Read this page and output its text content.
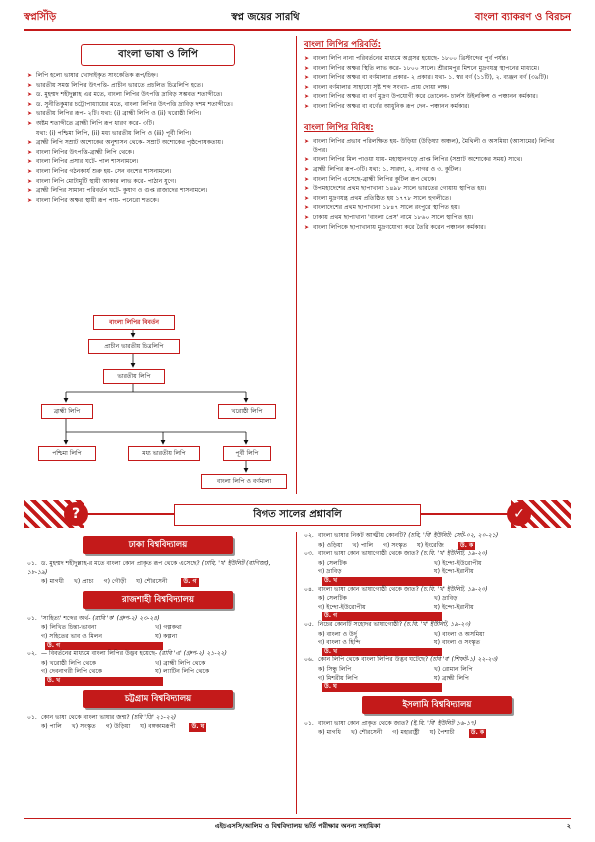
স্বপ্নসিঁড়ি	স্বপ্ন জয়ের সারথি	বাংলা ব্যাকরণ ও বিরচন
বাংলা ভাষা ও লিপি
➤ লিপি হলো ভাষার খোদাইকৃত সাংকেতিক রূপ/চিহ্ন।
➤ ভারতীয় সমস্ত লিপির উৎপত্তি- প্রাচীন ভারতে প্রচলিত চিত্রলিপি হতে।
➤ ড. মুহম্মদ শহীদুল্লাহ এর মতে, বাংলা লিপির উৎপত্তি দ্রাবিড় সম্ভবত শতাব্দীতে।
➤ ড. সুনীতিকুমার চট্টোপাধ্যায়ের মতে, বাংলা লিপির উৎপত্তি দ্রাবিড় দশম শতাব্দীতে।
➤ ভারতীয় লিপির রূপ- ২টি। যথা: (i) ব্রাহ্মী লিপি ও (ii) খরোষ্ঠী লিপি।
➤ অষ্টম শতাব্দীতে ব্রাহ্মী লিপি রূপ ধারণ করে- ৩টি।
যথা: (i) পশ্চিমা লিপি, (ii) মধ্য ভারতীয় লিপি ও (iii) পূর্বী লিপি।
➤ ব্রাহ্মী লিপি সম্রাট অশোকের অনুশাসন থেকে- সম্রাট অশোকের পৃষ্ঠপোষকতায়।
➤ বাংলা লিপির উৎপত্তি-ব্রাহ্মী লিপি থেকে।
➤ বাংলা লিপির প্রসার ঘটে- পাল শাসনামলে।
➤ বাংলা লিপির গঠনকার্য শুরু হয়- সেন বংশের শাসনামলে।
➤ বাংলা লিপি মোটামুটি স্থায়ী আকার লাভ করে- পাঠান যুগে।
➤ ব্রাহ্মী লিপির সামান্য পরিবর্তন ঘটে- কুষাণ ও গুপ্ত রাজাদের শাসনামলে।
➤ বাংলা লিপির অক্ষর স্থায়ী রূপ পায়- পনেরো শতকে।
বাংলা লিপির বিবর্তন
প্রাচীন ভারতীয় চিত্রলিপি
ভারতীয় লিপি
ব্রাহ্মী লিপি	খরোষ্ঠী লিপি
পশ্চিমা লিপি	মধ্য ভারতীয় লিপি	পূর্বী লিপি
বাংলা লিপি ও বর্ণমালা
বাংলা লিপির পরিবর্তি:
➤ বাংলা লিপি নানা পরিবর্তনের মাধ্যমে অগ্রসর হয়েছে- ১৮০০ খ্রিস্টাব্দের পূর্ব পর্যন্ত।
➤ বাংলা লিপির অক্ষর স্থিতি লাভ করে- ১৮০০ সালে। শ্রীরামপুর মিশনে মুদ্রণযন্ত্র স্থাপনের মাধ্যমে।
➤ বাংলা লিপির অক্ষর বা বর্ণমালার প্রকার- ২ প্রকার। যথা- ১. স্বর বর্ণ (১১টি), ২. ব্যঞ্জন বর্ণ (৩৯টি)।
➤ বাংলা বর্ণমালার সাহায্যে সৃষ্ট শব্দ সংখ্যা- প্রায় দোয়া লক্ষ।
➤ বাংলা লিপির অক্ষর বা বর্ণ মুদ্রণ উপযোগী করে তোলেন- চার্লস উইলকিন্স ও পঞ্চানন কর্মকার।
➤ বাংলা লিপির অক্ষর বা বর্ণের আধুনিক রূপ দেন- পঞ্চানন কর্মকার।
বাংলা লিপির বিবিধ:
➤ বাংলা লিপির প্রভাব পরিলক্ষিত হয়- উড়িয়া (উড়িষ্যা অঞ্চল), মৈথিলী ও অসমিয়া (আসামের) লিপির উপর।
➤ বাংলা লিপির মিল পাওয়া যায়- মহাস্থানগড়ে প্রাপ্ত লিপির (সম্রাট অশোকের সময়) সাথে।
➤ ব্রাহ্মী লিপির রূপ-৩টি। যথা: ১. সারদা, ২. নাগর ও ৩. কুটিল।
➤ বাংলা লিপি এসেছে-ব্রাহ্মী লিপির কুটিল রূপ থেকে।
➤ উপমহাদেশের প্রথম ছাপাখানা ১৪৯৮ সালে ভারতের গোয়ায় স্থাপিত হয়।
➤ বাংলা মুদ্রণযন্ত্র প্রথম প্রতিষ্ঠিত হয় ১৭৭৮ সালে হুগলীতে।
➤ বাংলাদেশের প্রথম ছাপাখানা ১৮৪৭ সালে রংপুরে স্থাপিত হয়।
➤ ঢাকায় প্রথম ছাপাখানা 'বাংলা প্রেস' নামে ১৮৬০ সালে স্থাপিত হয়।
➤ বাংলা লিপিকে ছাপাখানায় মুদ্রণযোগ্য করে তৈরি করেন পঞ্চানন কর্মকার।
?	✓
বিগত সালের প্রশ্নাবলি
ঢাকা বিশ্ববিদ্যালয়
০১. ড. মুহম্মদ শহীদুল্লাহ-র মতে বাংলা কোন প্রাকৃত রূপ থেকে এসেছে? (ঢাবি, 'খ' ইউনিট (বাণিজ্য), ১৮-১৯)
ক) মাগধী খ) প্রাচ্য গ) গৌড়ী ঘ) শৌরসেনী	উ. গ
রাজশাহী বিশ্ববিদ্যালয়
০১. 'সাহিত্য' শব্দের অর্থ- (রাবি 'ক' (গ্রুপ-২) ২৩-২৪)
ক) লিখিত চিন্তা-ভাবনা	খ) গল্পকথা
গ) সহিতের ভাব ও মিলন	ঘ) কল্পনা
উ. গ
০২. — বিবর্তনের মাধ্যমে বাংলা লিপির উদ্ভব হয়েছে- (রাবি 'এ' (গ্রুপ-২) ২১-২২)
ক) খরোষ্ঠী লিপি থেকে	খ) ব্রাহ্মী লিপি থেকে
গ) দেবনাগরী লিপি থেকে	ঘ) ল্যাটিন লিপি থেকে
উ. খ
চট্টগ্রাম বিশ্ববিদ্যালয়
০১. কোন ভাষা থেকে বাংলা ভাষার জন্ম? (চবি 'ডি' ২১-২২)
ক) পালি খ) সংস্কৃত গ) উড়িয়া ঘ) বঙ্গকামরূপী	উ. ঘ
০২. বাংলা ভাষার নিকট আত্মীয় কোনটি? (চবি, 'বি' ইউনিট: সেট-০২, ২০-২১)
ক) ওড়িয়া খ) পালি গ) সংস্কৃত ঘ) ইংরেজি	উ. ক
০৩. বাংলা ভাষা কোন ভাষাগোষ্ঠী থেকে জাত? (চ.বি. 'খ' ইউনিট, ১৯-২০)
ক) সেলটিক	খ) ইন্দো-ইউরোপীয়
গ) দ্রাবিড়	ঘ) ইন্দো-ইরানীয়
উ. খ
০৪. বাংলা ভাষা কোন ভাষাগোষ্ঠী থেকে জাত? (চ.বি. 'খ' ইউনিট, ১৯-২০)
ক) সেলটিক	খ) দ্রাবিড়
গ) ইন্দো-ইউরোপীয়	ঘ) ইন্দো-ইরানীয়
উ. গ
০৫. নিচের কোনটি সহোদর ভাষাগোষ্ঠী? (চ.বি. 'খ' ইউনিট, ১৯-২০)
ক) বাংলা ও উর্দু	খ) বাংলা ও অসমিয়া
গ) বাংলা ও হিন্দি	ঘ) বাংলা ও সংস্কৃত
উ. খ
০৬. কোন লিপি থেকে বাংলা লিপির উদ্ভব ঘটেছে? (চবি 'ব' (শিফট-১) ২২-২৩)
ক) সিন্ধু লিপি	খ) রোমান লিপি
গ) মিশরীয় লিপি	ঘ) ব্রাহ্মী লিপি
উ. ঘ
ইসলামি বিশ্ববিদ্যালয়
০১. বাংলা ভাষা কোন প্রাকৃত থেকে জাত? (ই.বি. 'বি' ইউনিট ১৬-১৭)
ক) মাগধি খ) শৌরসেনী গ) মহারাষ্ট্রী ঘ) পৈশাচী	উ. ক
এইচএসসি/আলিম ও বিশ্ববিদ্যালয় ভর্তি পরীক্ষার অনন্য সহায়িকা	২
